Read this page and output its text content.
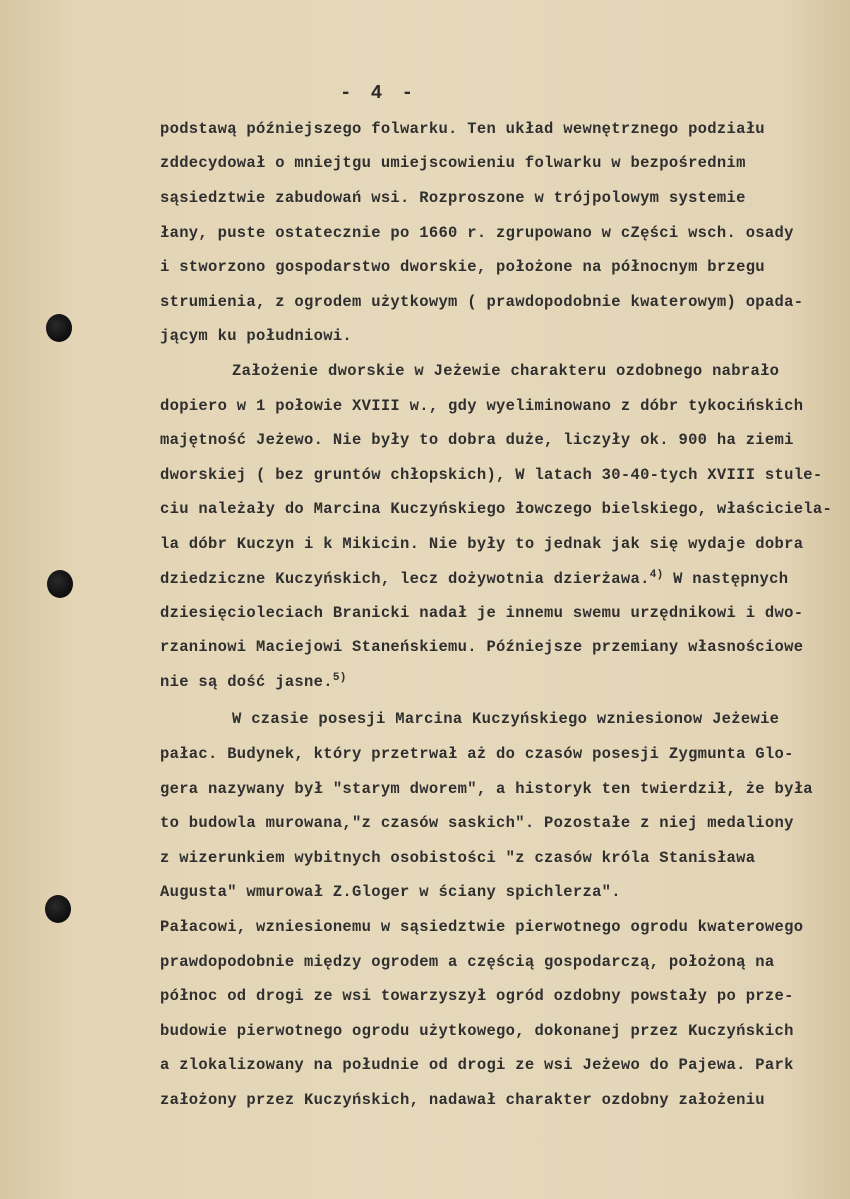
- 4 -
podstawą późniejszego folwarku. Ten układ wewnętrznego podziału
zddecydował o mniejtgu umiejscowieniu folwarku w bezpośrednim
sąsiedztwie zabudowań wsi. Rozproszone w trójpolowym systemie
łany, puste ostatecznie po 1660 r. zgrupowano w cZęści wsch. osady
i stworzono gospodarstwo dworskie, położone na północnym brzegu
strumienia, z ogrodem użytkowym ( prawdopodobnie kwaterowym) opada-
jącym ku południowi.
Założenie dworskie w Jeżewie charakteru ozdobnego nabrało
dopiero w 1 połowie XVIII w., gdy wyeliminowano z dóbr tykocińskich
majętność Jeżewo. Nie były to dobra duże, liczyły ok. 900 ha ziemi
dworskiej ( bez gruntów chłopskich), W latach 30-40-tych XVIII stule-
ciu należały do Marcina Kuczyńskiego łowczego bielskiego, właściciela-
la dóbr Kuczyn i k Mikicin. Nie były to jednak jak się wydaje dobra
dziedziczne Kuczyńskich, lecz dożywotnia dzierżawa.$^{4)}$ W następnych
dziesięcioleciach Branicki nadał je innemu swemu urzędnikowi i dwo-
rzaninowi Maciejowi Staneńskiemu. Późniejsze przemiany własnościowe
nie są dość jasne.$^{5)}$
W czasie posesji Marcina Kuczyńskiego wzniesionow Jeżewie
pałac. Budynek, który przetrwał aż do czasów posesji Zygmunta Glo-
gera nazywany był "starym dworem", a historyk ten twierdził, że była
to budowla murowana,"z czasów saskich". Pozostałe z niej medaliony
z wizerunkiem wybitnych osobistości "z czasów króla Stanisława
Augusta" wmurował Z.Gloger w ściany spichlerza".
Pałacowi, wzniesionemu w sąsiedztwie pierwotnego ogrodu kwaterowego
prawdopodobnie między ogrodem a częścią gospodarczą, położoną na
północ od drogi ze wsi towarzyszył ogród ozdobny powstały po prze-
budowie pierwotnego ogrodu użytkowego, dokonanej przez Kuczyńskich
a zlokalizowany na południe od drogi ze wsi Jeżewo do Pajewa. Park
założony przez Kuczyńskich, nadawał charakter ozdobny założeniu
